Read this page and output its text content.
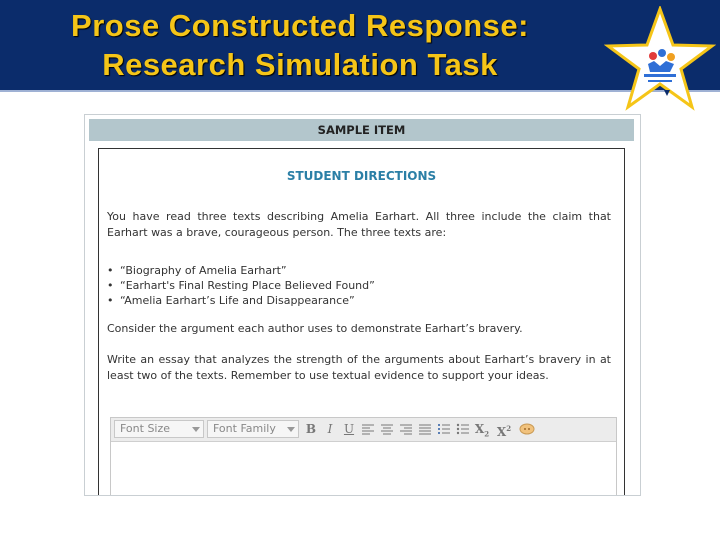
Prose Constructed Response:
Research Simulation Task
SAMPLE ITEM
STUDENT DIRECTIONS
You have read three texts describing Amelia Earhart. All three include the claim that Earhart was a brave, courageous person. The three texts are:
• “Biography of Amelia Earhart”
• “Earhart's Final Resting Place Believed Found”
• “Amelia Earhart’s Life and Disappearance”
Consider the argument each author uses to demonstrate Earhart’s bravery.
Write an essay that analyzes the strength of the arguments about Earhart’s bravery in at least two of the texts. Remember to use textual evidence to support your ideas.
Font Size	Font Family	B I U	$X_2$ $X^2$
